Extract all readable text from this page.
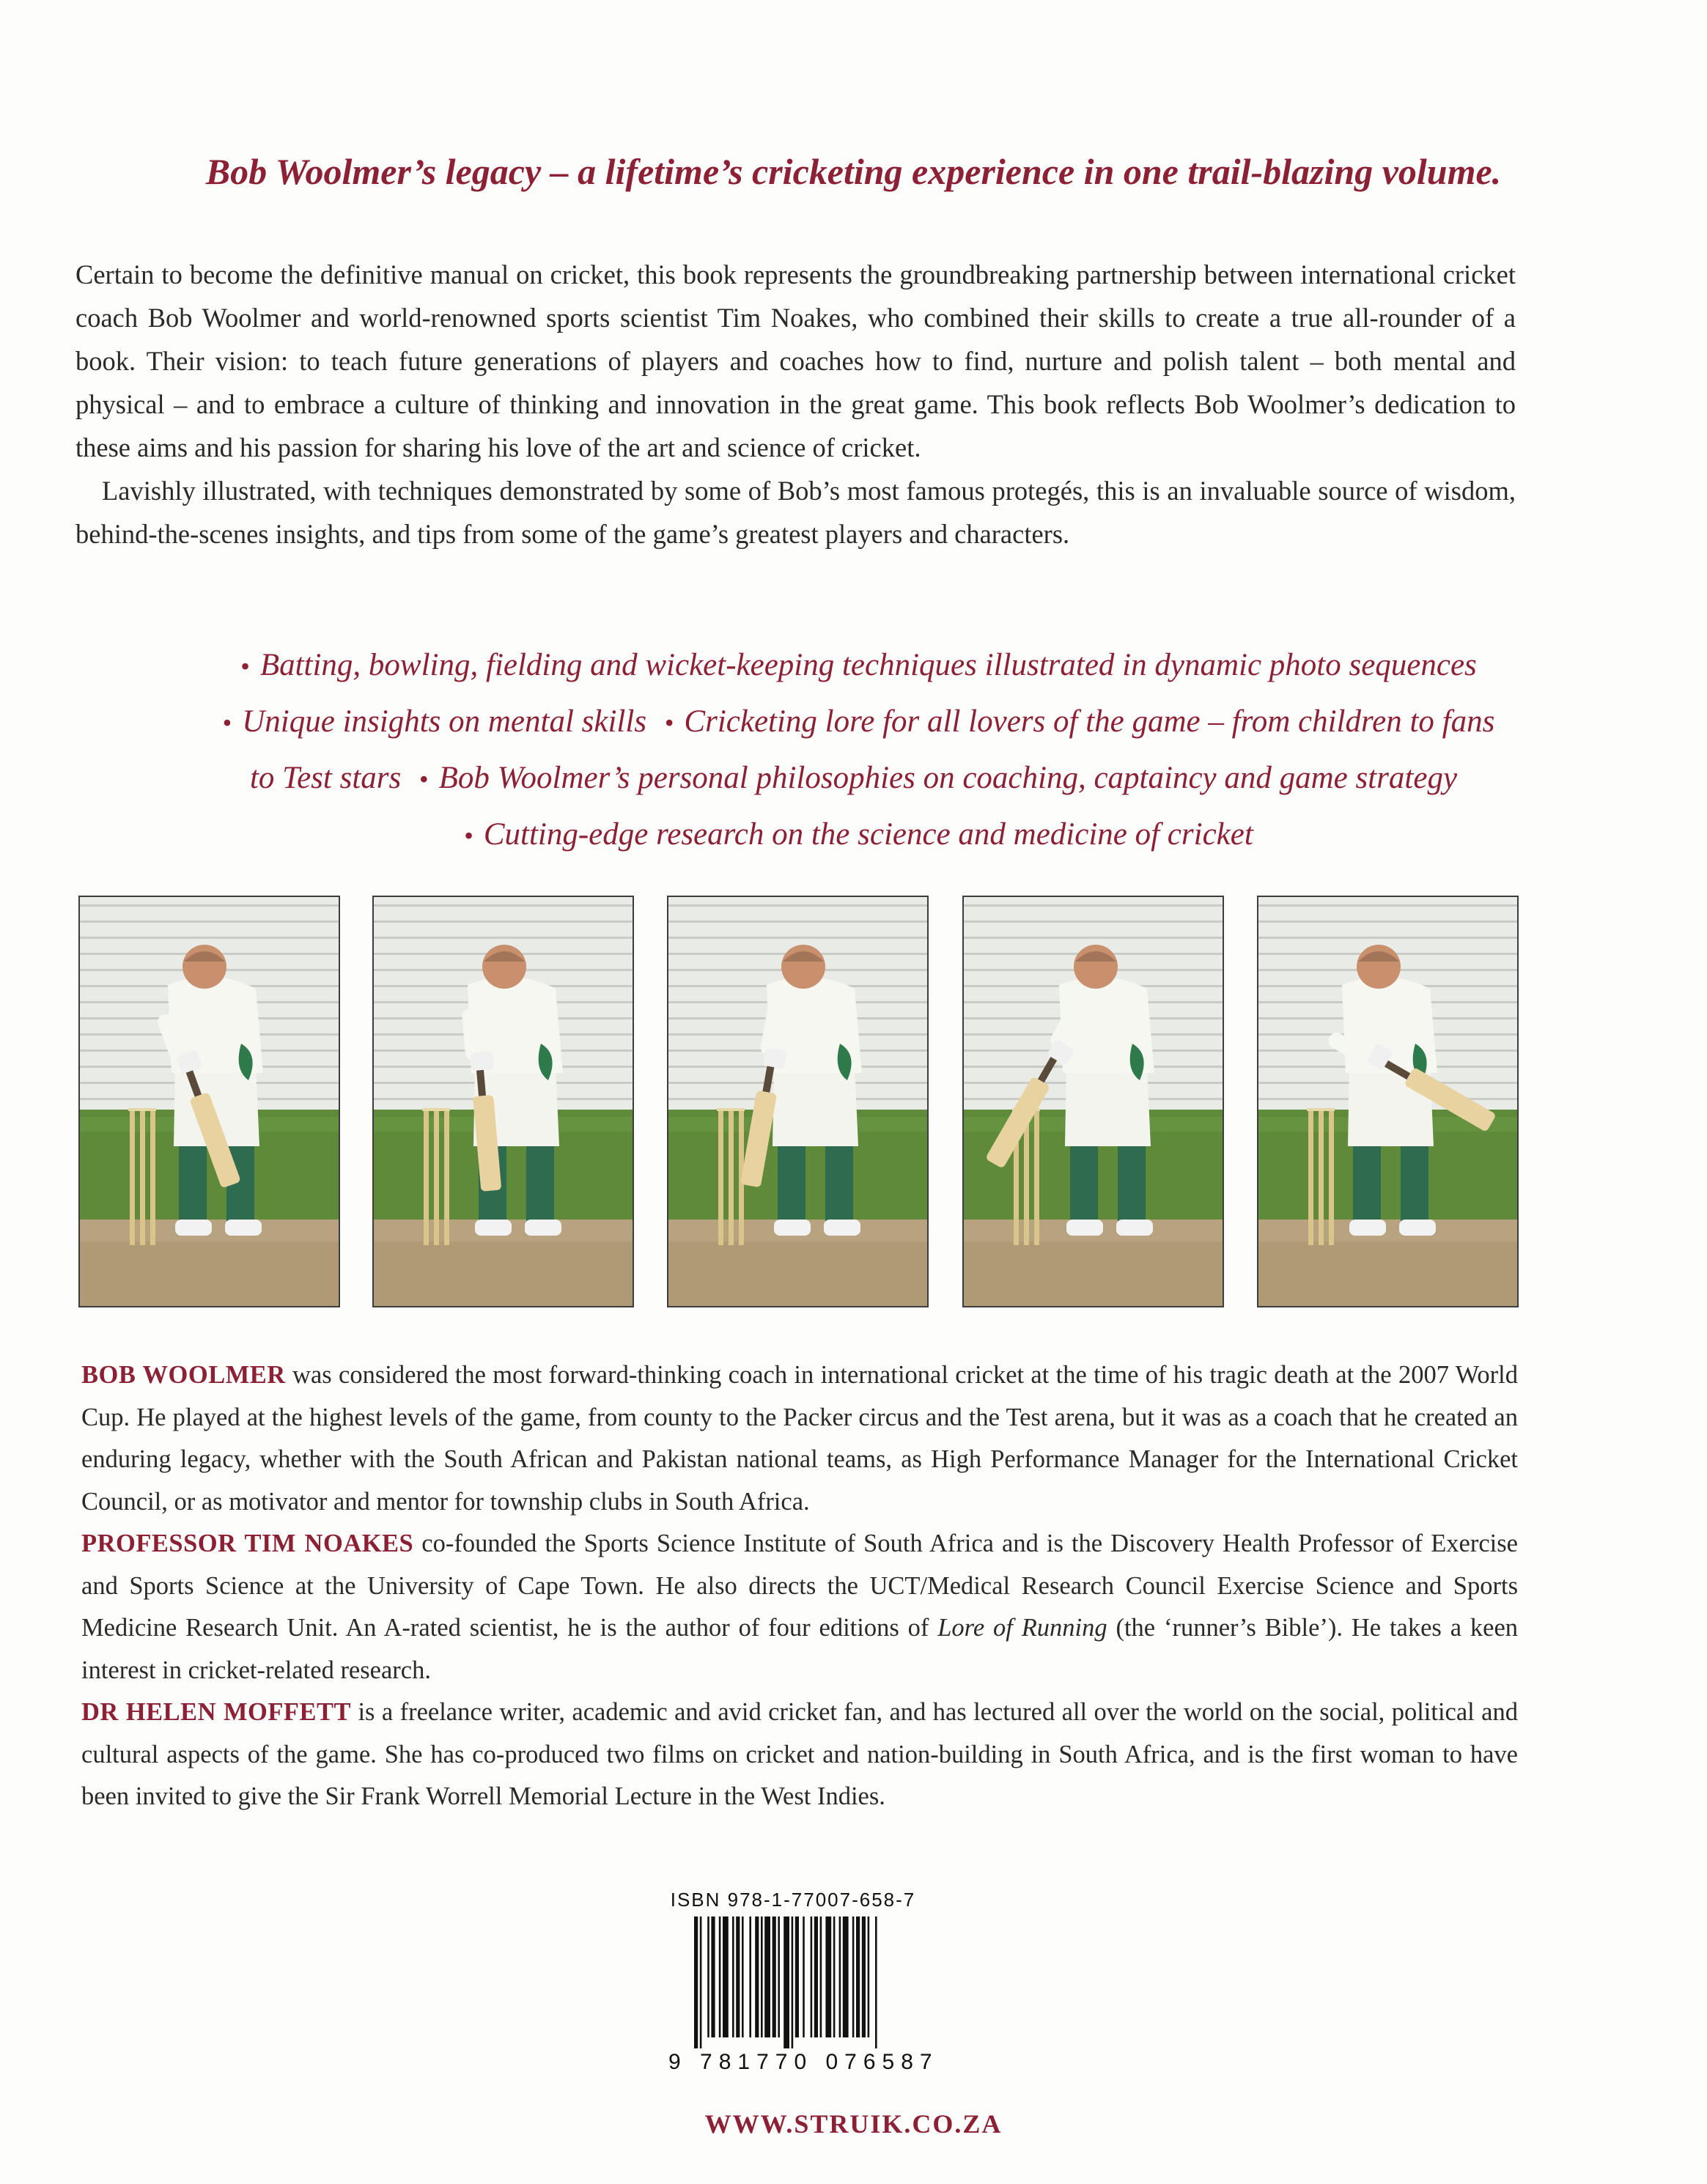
Bob Woolmer’s legacy – a lifetime’s cricketing experience in one trail-blazing volume.

Certain to become the definitive manual on cricket, this book represents the groundbreaking partnership between international cricket coach Bob Woolmer and world-renowned sports scientist Tim Noakes, who combined their skills to create a true all-rounder of a book. Their vision: to teach future generations of players and coaches how to find, nurture and polish talent – both mental and physical – and to embrace a culture of thinking and innovation in the great game. This book reflects Bob Woolmer’s dedication to these aims and his passion for sharing his love of the art and science of cricket.

Lavishly illustrated, with techniques demonstrated by some of Bob’s most famous protegés, this is an invaluable source of wisdom, behind-the-scenes insights, and tips from some of the game’s greatest players and characters.

• Batting, bowling, fielding and wicket-keeping techniques illustrated in dynamic photo sequences
• Unique insights on mental skills • Cricketing lore for all lovers of the game – from children to fans
to Test stars • Bob Woolmer’s personal philosophies on coaching, captaincy and game strategy
• Cutting-edge research on the science and medicine of cricket

BOB WOOLMER was considered the most forward-thinking coach in international cricket at the time of his tragic death at the 2007 World Cup. He played at the highest levels of the game, from county to the Packer circus and the Test arena, but it was as a coach that he created an enduring legacy, whether with the South African and Pakistan national teams, as High Performance Manager for the International Cricket Council, or as motivator and mentor for township clubs in South Africa.

PROFESSOR TIM NOAKES co-founded the Sports Science Institute of South Africa and is the Discovery Health Professor of Exercise and Sports Science at the University of Cape Town. He also directs the UCT/Medical Research Council Exercise Science and Sports Medicine Research Unit. An A-rated scientist, he is the author of four editions of Lore of Running (the ‘runner’s Bible’). He takes a keen interest in cricket-related research.

DR HELEN MOFFETT is a freelance writer, academic and avid cricket fan, and has lectured all over the world on the social, political and cultural aspects of the game. She has co-produced two films on cricket and nation-building in South Africa, and is the first woman to have been invited to give the Sir Frank Worrell Memorial Lecture in the West Indies.

ISBN 978-1-77007-658-7
9 781770 076587
WWW.STRUIK.CO.ZA
